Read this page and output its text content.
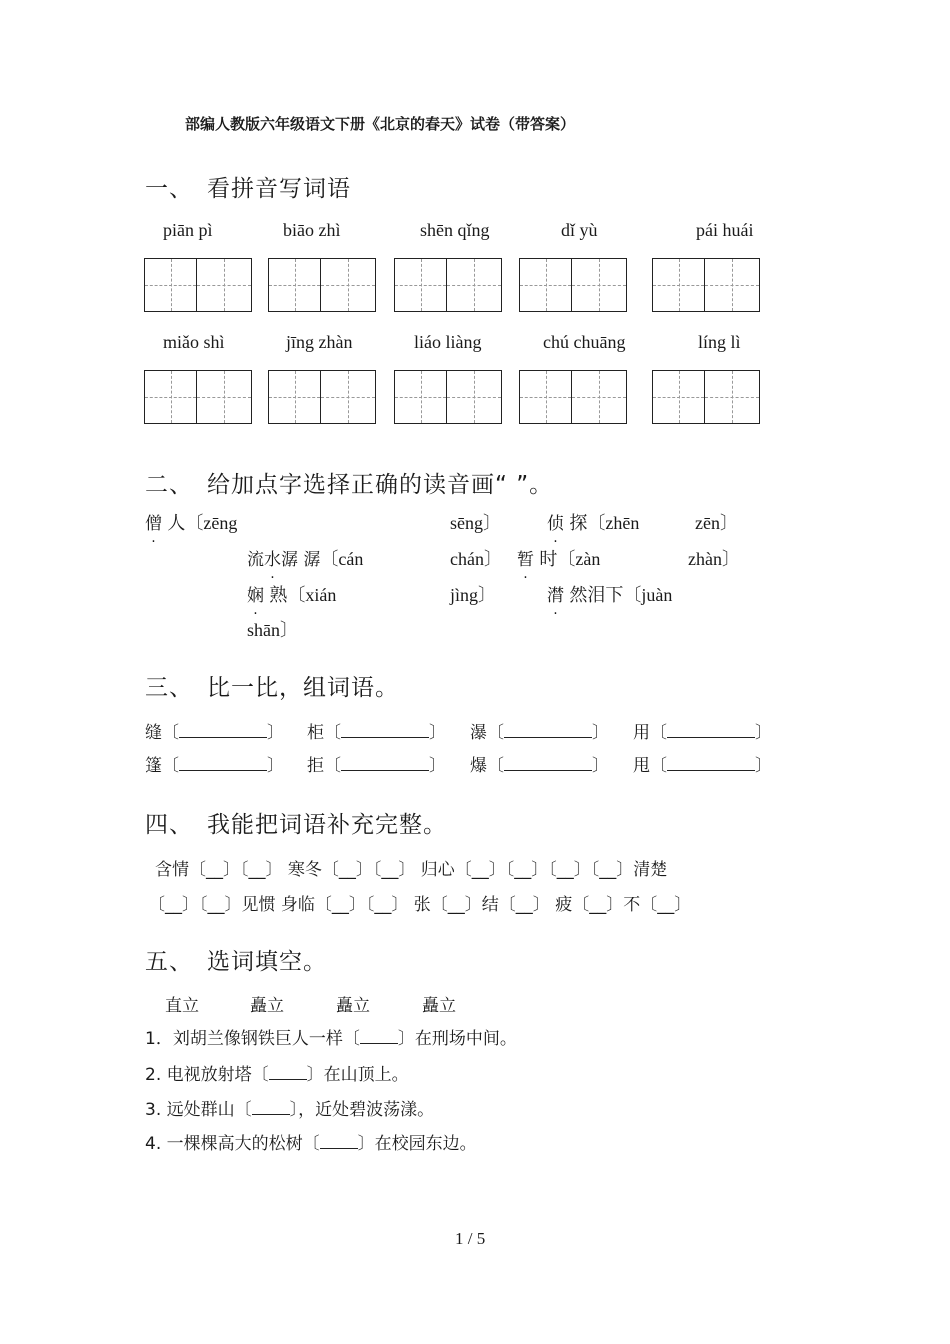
部编人教版六年级语文下册《北京的春天》试卷（带答案）
一、 看拼音写词语
piān pì	biāo zhì	shēn qǐng	dǐ yù	pái huái
miǎo shì	jīng zhàn	liáo liàng	chú chuāng	líng lì
二、 给加点字选择正确的读音画“ ”。
僧 人〔zēng	sēng〕	侦 探〔zhēn	zēn〕
流水潺 潺〔cán	chán〕 暂 时〔zàn	zhàn〕
娴 熟〔xián	jìng〕	潸 然泪下〔juàn
shān〕
三、 比一比，组词语。
缝〔	〕 柜〔	〕 瀑〔	〕 用〔	〕
篷〔	〕 拒〔	〕 爆〔	〕 甩〔	〕
四、 我能把词语补充完整。
含情〔__〕〔__〕 寒冬〔__〕〔__〕 归心〔__〕〔__〕〔__〕〔__〕清楚
〔__〕〔__〕见惯 身临〔__〕〔__〕 张〔__〕结〔__〕 疲〔__〕不〔__〕
五、 选词填空。
直立	矗立	矗立	矗立
1．刘胡兰像钢铁巨人一样〔 〕在刑场中间。
2. 电视放射塔〔 〕在山顶上。
3. 远处群山〔 〕，近处碧波荡漾。
4. 一棵棵高大的松树〔 〕在校园东边。
1 / 5
